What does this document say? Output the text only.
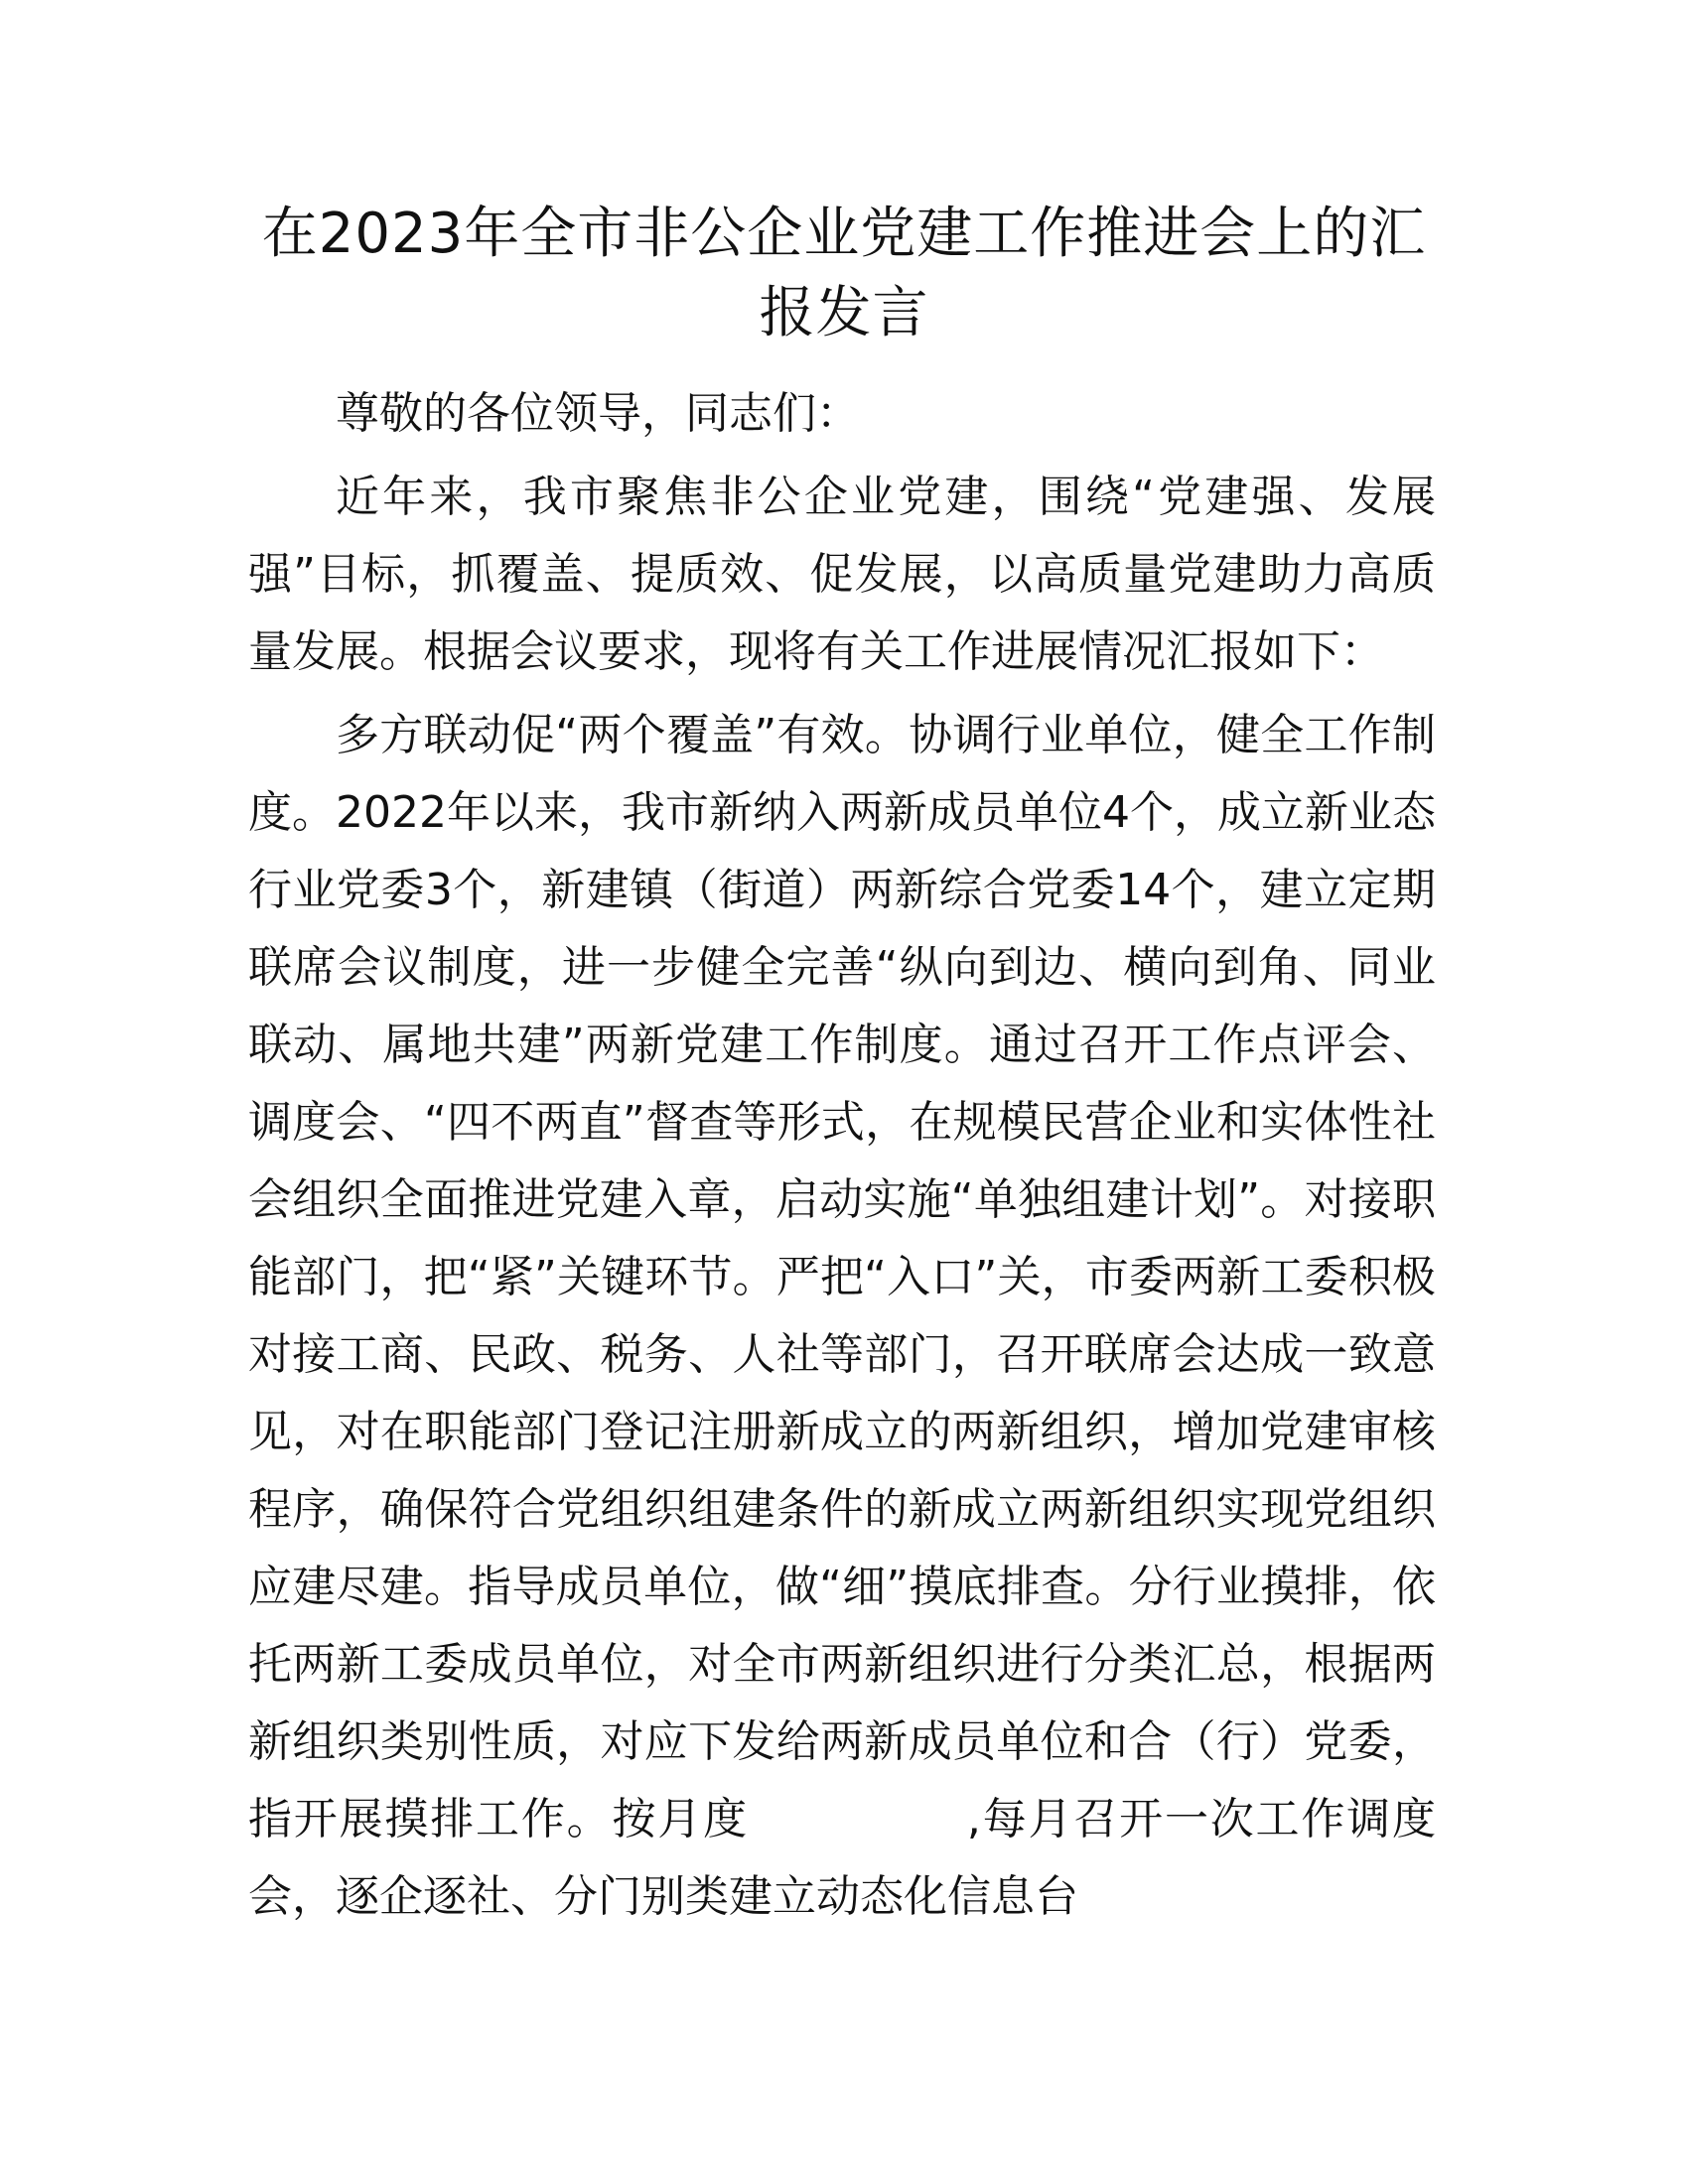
在2023年全市非公企业党建工作推进会上的汇
报发言

尊敬的各位领导，同志们：

近年来，我市聚焦非公企业党建，围绕“党建强、发展强”目标，抓覆盖、提质效、促发展，以高质量党建助力高质量发展。根据会议要求，现将有关工作进展情况汇报如下：

多方联动促“两个覆盖”有效。协调行业单位，健全工作制度。2022年以来，我市新纳入两新成员单位4个，成立新业态行业党委3个，新建镇（街道）两新综合党委14个，建立定期联席会议制度，进一步健全完善“纵向到边、横向到角、同业联动、属地共建”两新党建工作制度。通过召开工作点评会、调度会、“四不两直”督查等形式，在规模民营企业和实体性社会组织全面推进党建入章，启动实施“单独组建计划”。对接职能部门，把“紧”关键环节。严把“入口”关，市委两新工委积极对接工商、民政、税务、人社等部门，召开联席会达成一致意见，对在职能部门登记注册新成立的两新组织，增加党建审核程序，确保符合党组织组建条件的新成立两新组织实现党组织应建尽建。指导成员单位，做“细”摸底排查。分行业摸排，依托两新工委成员单位，对全市两新组织进行分类汇总，根据两新组织类别性质，对应下发给两新成员单位和合（行）党委，指开展摸排工作。按月度	,每月召开一次工作调度会，逐企逐社、分门别类建立动态化信息台
